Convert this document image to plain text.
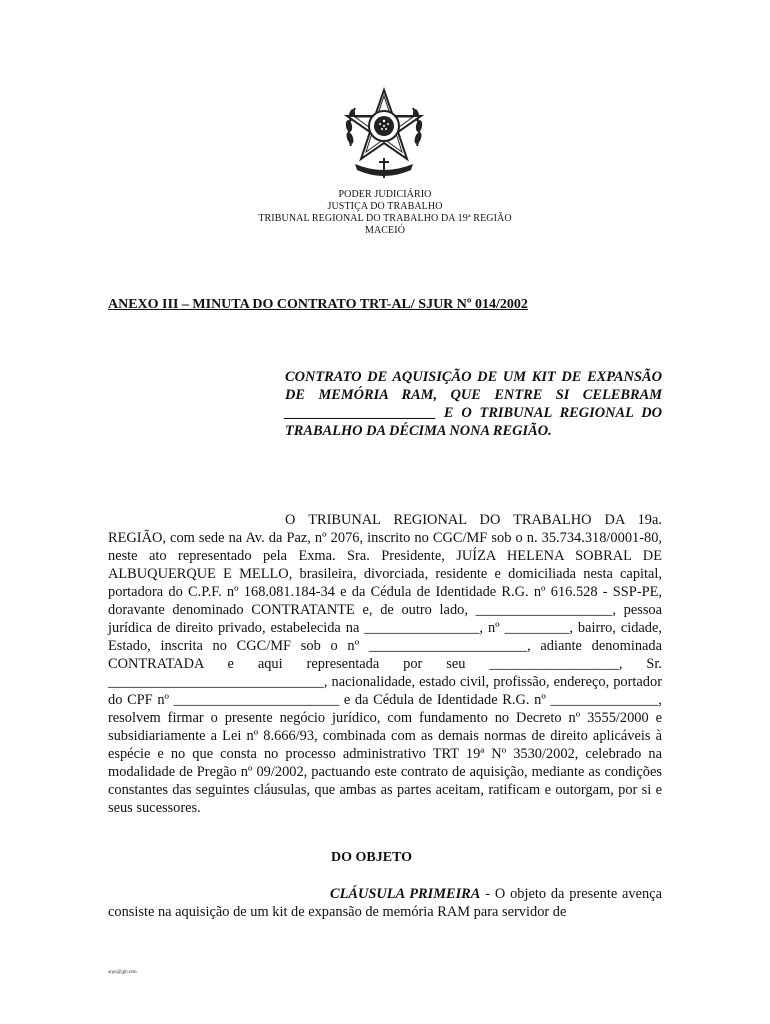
PODER JUDICIÁRIO
JUSTIÇA DO TRABALHO
TRIBUNAL REGIONAL DO TRABALHO DA 19ª REGIÃO
MACEIÓ
ANEXO III – MINUTA DO CONTRATO TRT-AL/ SJUR Nº 014/2002
CONTRATO DE AQUISIÇÃO DE UM KIT DE EXPANSÃO DE MEMÓRIA RAM, QUE ENTRE SI CELEBRAM _____________________ E O TRIBUNAL REGIONAL DO TRABALHO DA DÉCIMA NONA REGIÃO.
O TRIBUNAL REGIONAL DO TRABALHO DA 19a. REGIÃO, com sede na Av. da Paz, nº 2076, inscrito no CGC/MF sob o n. 35.734.318/0001-80, neste ato representado pela Exma. Sra. Presidente, JUÍZA HELENA SOBRAL DE ALBUQUERQUE E MELLO, brasileira, divorciada, residente e domiciliada nesta capital, portadora do C.P.F. nº 168.081.184-34 e da Cédula de Identidade R.G. nº 616.528 - SSP-PE, doravante denominado CONTRATANTE e, de outro lado, ___________________, pessoa jurídica de direito privado, estabelecida na ________________, nº _________, bairro, cidade, Estado, inscrita no CGC/MF sob o nº ______________________, adiante denominada CONTRATADA e aqui representada por seu __________________, Sr. ______________________________, nacionalidade, estado civil, profissão, endereço, portador do CPF nº _______________________ e da Cédula de Identidade R.G. nº _______________, resolvem firmar o presente negócio jurídico, com fundamento no Decreto nº 3555/2000 e subsidiariamente a Lei nº 8.666/93, combinada com as demais normas de direito aplicáveis à espécie e no que consta no processo administrativo TRT 19ª Nº 3530/2002, celebrado na modalidade de Pregão nº 09/2002, pactuando este contrato de aquisição, mediante as condições constantes das seguintes cláusulas, que ambas as partes aceitam, ratificam e outorgam, por si e seus sucessores.
DO OBJETO
CLÁUSULA PRIMEIRA - O objeto da presente avença consiste na aquisição de um kit de expansão de memória RAM para servidor de
aqui@jgb.rem
